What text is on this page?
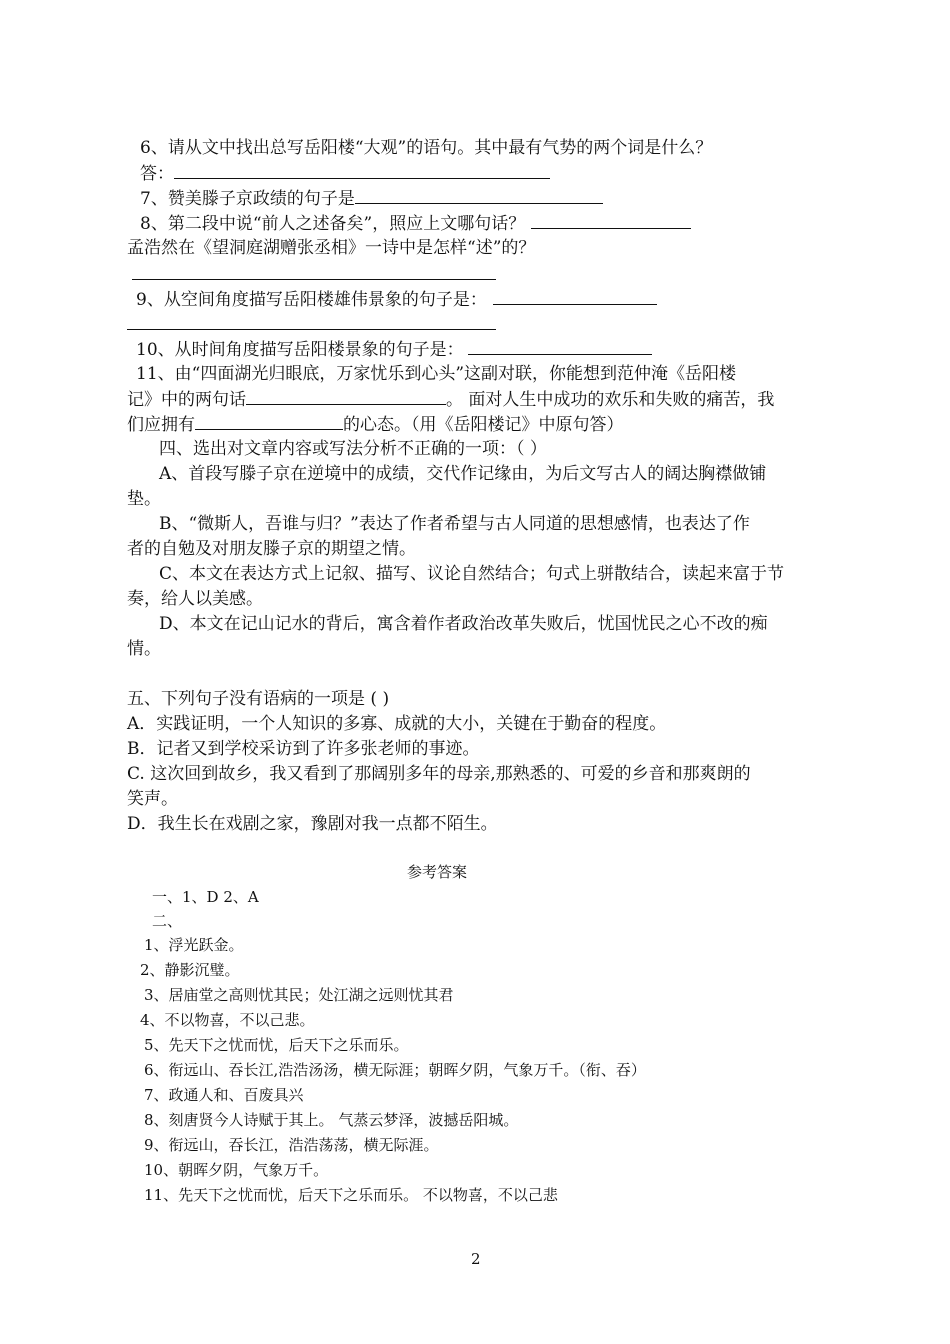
6、请从文中找出总写岳阳楼“大观”的语句。其中最有气势的两个词是什么？
答：
7、赞美滕子京政绩的句子是
8、第二段中说“前人之述备矣”，照应上文哪句话？
孟浩然在《望洞庭湖赠张丞相》一诗中是怎样“述”的？
9、从空间角度描写岳阳楼雄伟景象的句子是：
10、从时间角度描写岳阳楼景象的句子是：
11、由“四面湖光归眼底，万家忧乐到心头”这副对联，你能想到范仲淹《岳阳楼
记》中的两句话	。 面对人生中成功的欢乐和失败的痛苦，我
们应拥有	的心态。（用《岳阳楼记》中原句答）
四、选出对文章内容或写法分析不正确的一项：（ ）
A、首段写滕子京在逆境中的成绩，交代作记缘由，为后文写古人的阔达胸襟做铺
垫。
B、“微斯人，吾谁与归？”表达了作者希望与古人同道的思想感情，也表达了作
者的自勉及对朋友滕子京的期望之情。
C、本文在表达方式上记叙、描写、议论自然结合；句式上骈散结合，读起来富于节
奏，给人以美感。
D、本文在记山记水的背后，寓含着作者政治改革失败后，忧国忧民之心不改的痴
情。
五、下列句子没有语病的一项是 ( )
A．实践证明，一个人知识的多寡、成就的大小，关键在于勤奋的程度。
B．记者又到学校采访到了许多张老师的事迹。
C. 这次回到故乡，我又看到了那阔别多年的母亲,那熟悉的、可爱的乡音和那爽朗的
笑声。
D．我生长在戏剧之家，豫剧对我一点都不陌生。
参考答案
一、1、D 2、A
二、
1、浮光跃金。
2、静影沉璧。
3、居庙堂之高则忧其民；处江湖之远则忧其君
4、不以物喜，不以己悲。
5、先天下之忧而忧，后天下之乐而乐。
6、衔远山、吞长江,浩浩汤汤，横无际涯；朝晖夕阴，气象万千。（衔、吞）
7、政通人和、百废具兴
8、刻唐贤今人诗赋于其上。 气蒸云梦泽，波撼岳阳城。
9、衔远山，吞长江，浩浩荡荡，横无际涯。
10、朝晖夕阴，气象万千。
11、先天下之忧而忧，后天下之乐而乐。 不以物喜，不以己悲
2
